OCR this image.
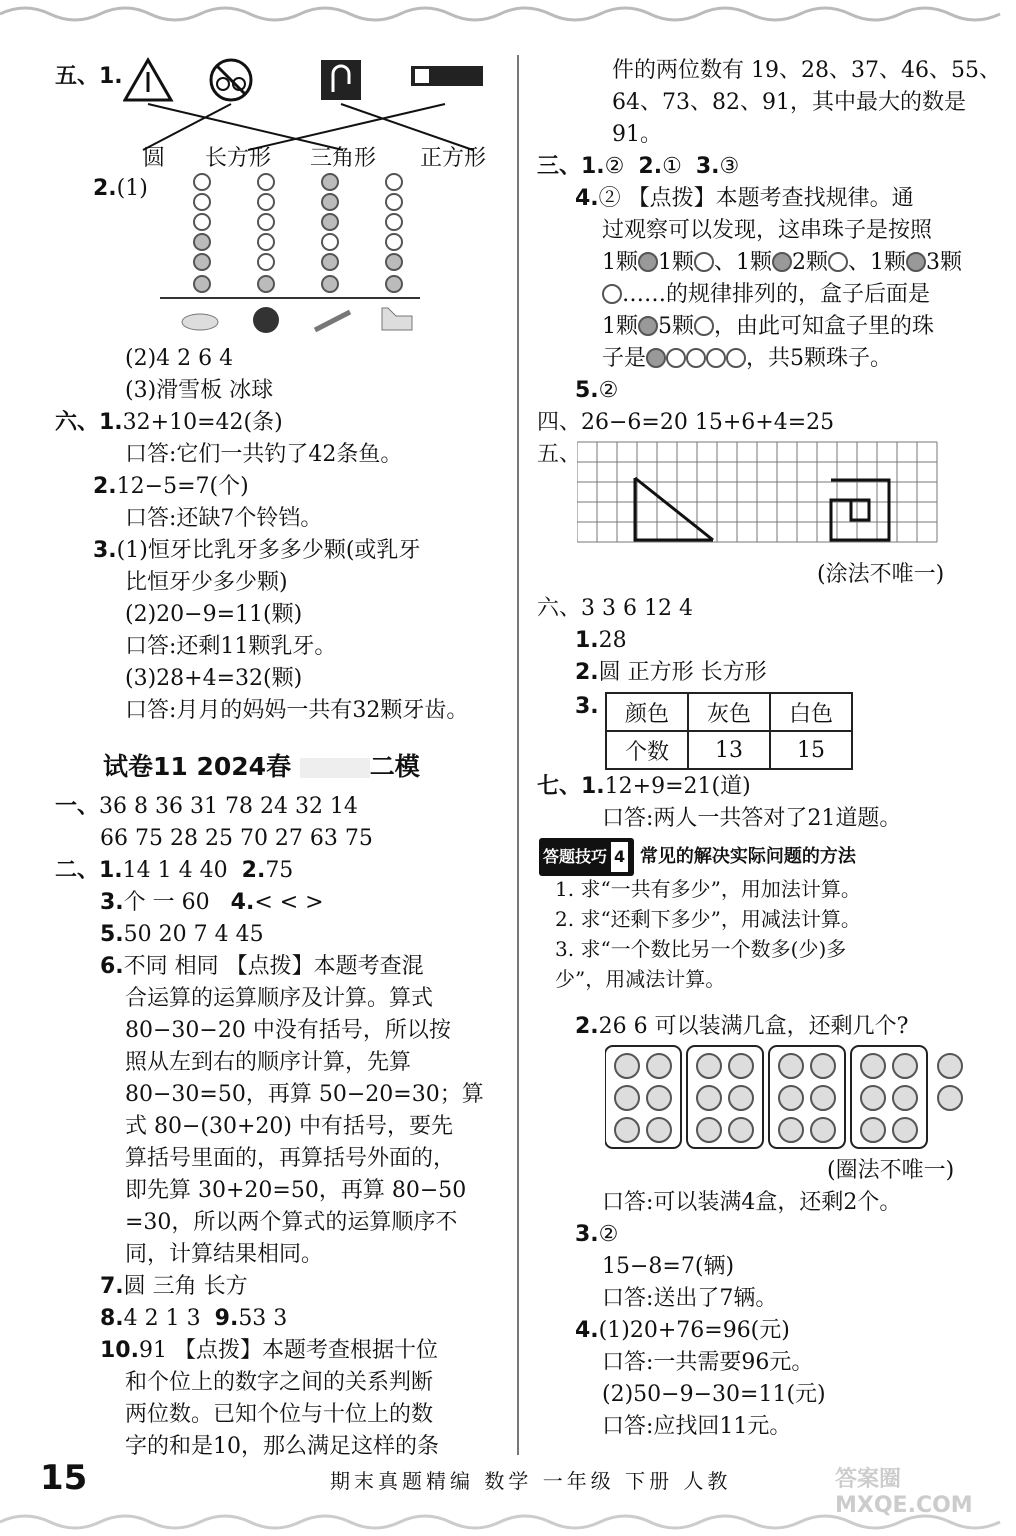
五、1.
圆 长方形 三角形 正方形
2.(1)
(2)4 2 6 4
(3)滑雪板 冰球
六、1.32+10=42(条)
口答:它们一共钓了42条鱼。
2.12−5=7(个)
口答:还缺7个铃铛。
3.(1)恒牙比乳牙多多少颗(或乳牙
比恒牙少多少颗)
(2)20−9=11(颗)
口答:还剩11颗乳牙。
(3)28+4=32(颗)
口答:月月的妈妈一共有32颗牙齿。
试卷11 2024春	二模
一、36 8 36 31 78 24 32 14
66 75 28 25 70 27 63 75
二、1.14 1 4 40 2.75
3.个 一 60 4.< < >
5.50 20 7 4 45
6.不同 相同 【点拨】本题考查混
合运算的运算顺序及计算。算式
80−30−20 中没有括号，所以按
照从左到右的顺序计算，先算
80−30=50，再算 50−20=30；算
式 80−(30+20) 中有括号，要先
算括号里面的，再算括号外面的，
即先算 30+20=50，再算 80−50
=30，所以两个算式的运算顺序不
同，计算结果相同。
7.圆 三角 长方
8.4 2 1 3 9.53 3
10.91 【点拨】本题考查根据十位
和个位上的数字之间的关系判断
两位数。已知个位与十位上的数
字的和是10，那么满足这样的条
件的两位数有 19、28、37、46、55、
64、73、82、91，其中最大的数是
91。
三、1.② 2.① 3.③
4.② 【点拨】本题考查找规律。通
过观察可以发现，这串珠子是按照
1颗 1颗 、1颗 2颗 、1颗 3颗
……的规律排列的，盒子后面是
1颗 5颗 ，由此可知盒子里的珠
子是	，共5颗珠子。
5.②
四、26−6=20 15+6+4=25
五、
(涂法不唯一)
六、3 3 6 12 4
1.28
2.圆 正方形 长方形
3. 颜色	灰色	白色
个数	13	15
七、1.12+9=21(道)
口答:两人一共答对了21道题。
答题技巧 4 常见的解决实际问题的方法
1. 求“一共有多少”，用加法计算。
2. 求“还剩下多少”，用减法计算。
3. 求“一个数比另一个数多(少)多
少”，用减法计算。
2.26 6 可以装满几盒，还剩几个?
(圈法不唯一)
口答:可以装满4盒，还剩2个。
3.②
15−8=7(辆)
口答:送出了7辆。
4.(1)20+76=96(元)
口答:一共需要96元。
(2)50−9−30=11(元)
口答:应找回11元。
15	期末真题精编 数学 一年级 下册 人教	答案圈 MXQE.COM
